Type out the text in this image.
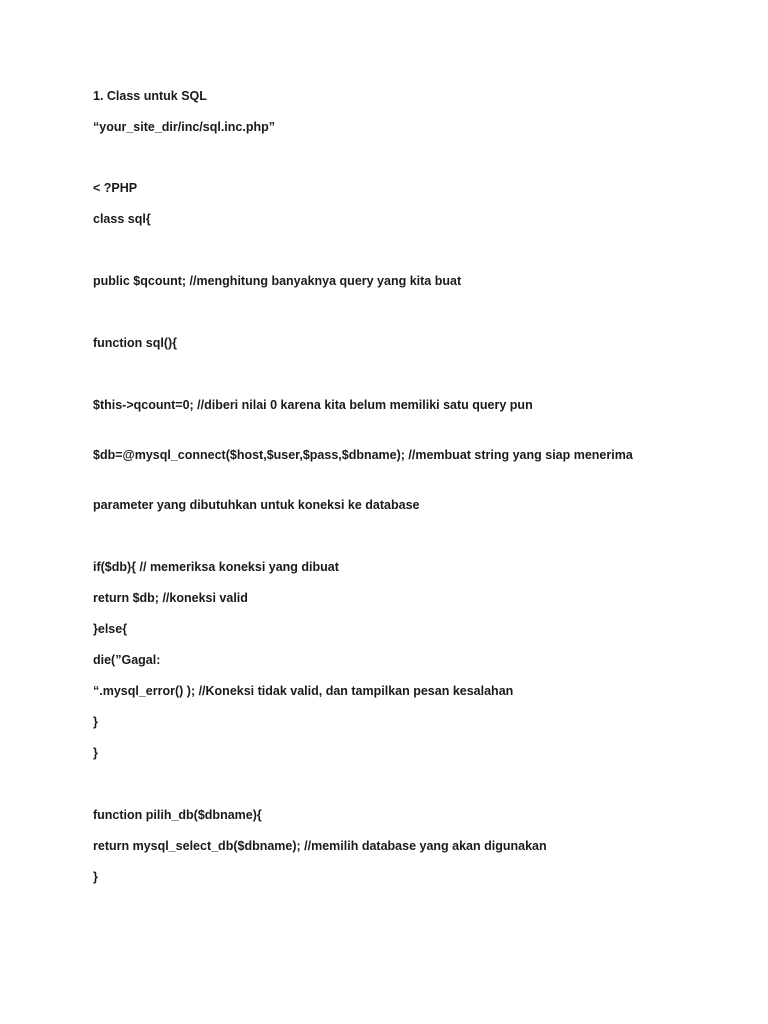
1. Class untuk SQL
“your_site_dir/inc/sql.inc.php”
< ?PHP
class sql{
public $qcount; //menghitung banyaknya query yang kita buat
function sql(){
$this->qcount=0; //diberi nilai 0 karena kita belum memiliki satu query pun
$db=@mysql_connect($host,$user,$pass,$dbname); //membuat string yang siap menerima
parameter yang dibutuhkan untuk koneksi ke database
if($db){ // memeriksa koneksi yang dibuat
return $db; //koneksi valid
}else{
die(”Gagal:
“.mysql_error() ); //Koneksi tidak valid, dan tampilkan pesan kesalahan
}
}
function pilih_db($dbname){
return mysql_select_db($dbname); //memilih database yang akan digunakan
}
